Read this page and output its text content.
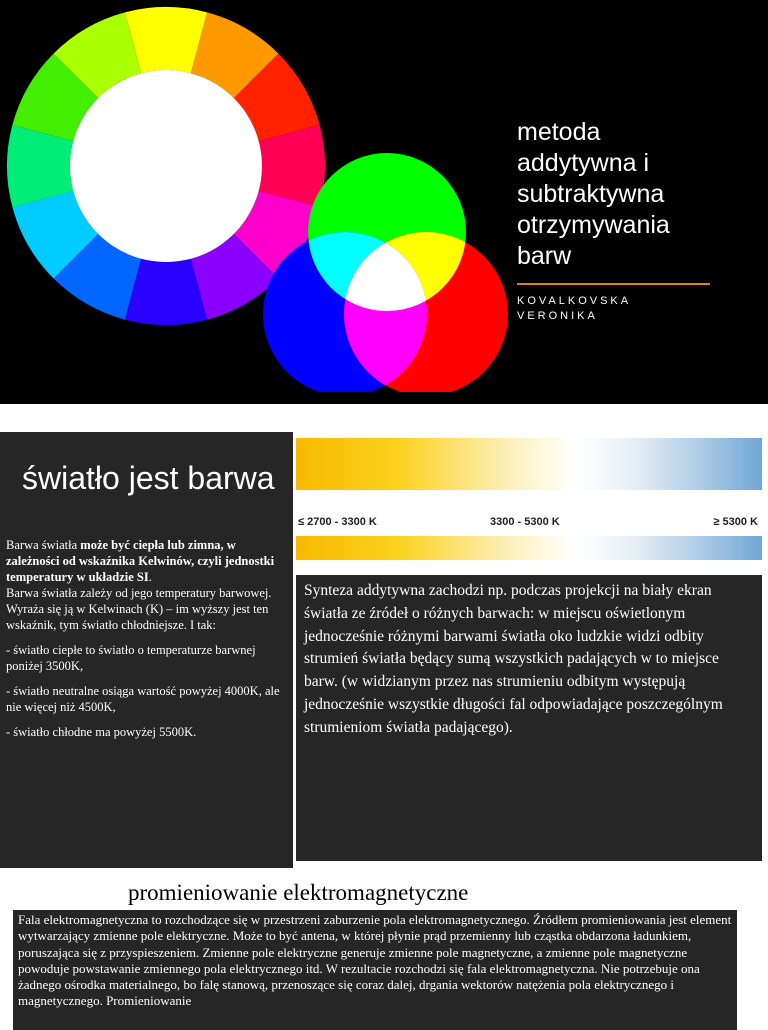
metoda
addytywna i
subtraktywna
otrzymywania
barw
KOVALKOVSKA
VERONIKA
światło jest barwa

Barwa światła może być ciepła lub zimna, w zależności od wskaźnika Kelwinów, czyli jednostki temperatury w układzie SI.

Barwa światła zależy od jego temperatury barwowej. Wyraża się ją w Kelwinach (K) – im wyższy jest ten wskaźnik, tym światło chłodniejsze. I tak:

- światło ciepłe to światło o temperaturze barwnej poniżej 3500K,

- światło neutralne osiąga wartość powyżej 4000K, ale nie więcej niż 4500K,

- światło chłodne ma powyżej 5500K.

≤ 2700 - 3300 K	3300 - 5300 K	≥ 5300 K
Synteza addytywna zachodzi np. podczas projekcji na biały ekran światła ze źródeł o różnych barwach: w miejscu oświetlonym jednocześnie różnymi barwami światła oko ludzkie widzi odbity strumień światła będący sumą wszystkich padających w to miejsce barw. (w widzianym przez nas strumieniu odbitym występują jednocześnie wszystkie długości fal odpowiadające poszczególnym strumieniom światła padającego).
promieniowanie elektromagnetyczne
Fala elektromagnetyczna to rozchodzące się w przestrzeni zaburzenie pola elektromagnetycznego. Źródłem promieniowania jest element wytwarzający zmienne pole elektryczne. Może to być antena, w której płynie prąd przemienny lub cząstka obdarzona ładunkiem, poruszająca się z przyspieszeniem. Zmienne pole elektryczne generuje zmienne pole magnetyczne, a zmienne pole magnetyczne powoduje powstawanie zmiennego pola elektrycznego itd. W rezultacie rozchodzi się fala elektromagnetyczna. Nie potrzebuje ona żadnego ośrodka materialnego, bo falę stanową, przenoszące się coraz dalej, drgania wektorów natężenia pola elektrycznego i magnetycznego. Promieniowanie
